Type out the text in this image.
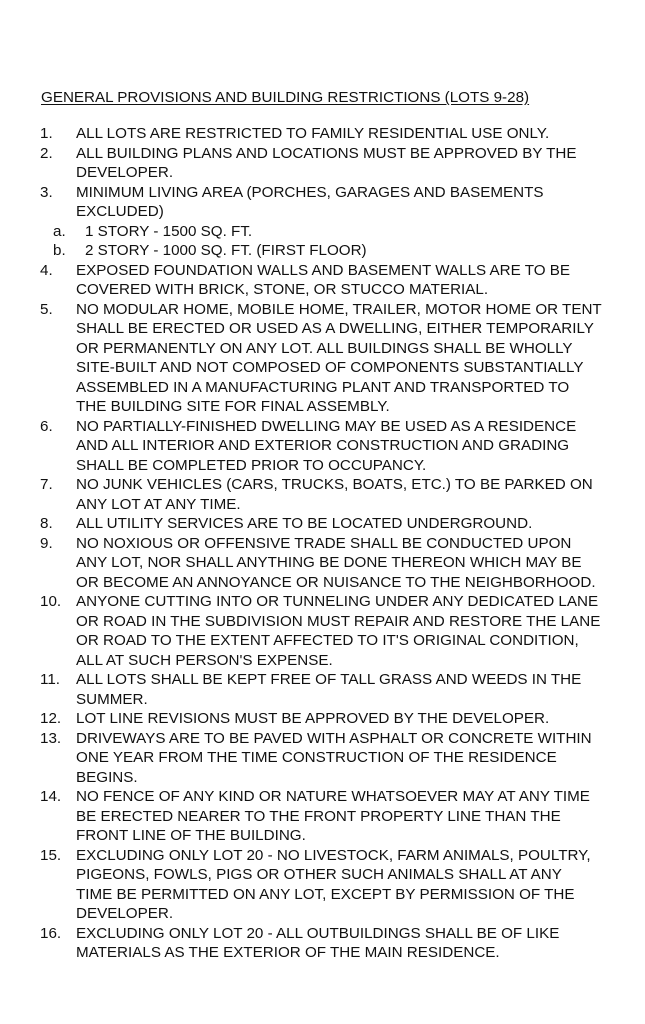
GENERAL PROVISIONS AND BUILDING RESTRICTIONS (LOTS 9-28)
1.	ALL LOTS ARE RESTRICTED TO FAMILY RESIDENTIAL USE ONLY.
2.	ALL BUILDING PLANS AND LOCATIONS MUST BE APPROVED BY THE
DEVELOPER.
3.	MINIMUM LIVING AREA (PORCHES, GARAGES AND BASEMENTS
EXCLUDED)
a.	1 STORY - 1500 SQ. FT.
b.	2 STORY - 1000 SQ. FT. (FIRST FLOOR)
4.	EXPOSED FOUNDATION WALLS AND BASEMENT WALLS ARE TO BE
COVERED WITH BRICK, STONE, OR STUCCO MATERIAL.
5.	NO MODULAR HOME, MOBILE HOME, TRAILER, MOTOR HOME OR TENT
SHALL BE ERECTED OR USED AS A DWELLING, EITHER TEMPORARILY
OR PERMANENTLY ON ANY LOT. ALL BUILDINGS SHALL BE WHOLLY
SITE-BUILT AND NOT COMPOSED OF COMPONENTS SUBSTANTIALLY
ASSEMBLED IN A MANUFACTURING PLANT AND TRANSPORTED TO
THE BUILDING SITE FOR FINAL ASSEMBLY.
6.	NO PARTIALLY-FINISHED DWELLING MAY BE USED AS A RESIDENCE
AND ALL INTERIOR AND EXTERIOR CONSTRUCTION AND GRADING
SHALL BE COMPLETED PRIOR TO OCCUPANCY.
7.	NO JUNK VEHICLES (CARS, TRUCKS, BOATS, ETC.) TO BE PARKED ON
ANY LOT AT ANY TIME.
8.	ALL UTILITY SERVICES ARE TO BE LOCATED UNDERGROUND.
9.	NO NOXIOUS OR OFFENSIVE TRADE SHALL BE CONDUCTED UPON
ANY LOT, NOR SHALL ANYTHING BE DONE THEREON WHICH MAY BE
OR BECOME AN ANNOYANCE OR NUISANCE TO THE NEIGHBORHOOD.
10. ANYONE CUTTING INTO OR TUNNELING UNDER ANY DEDICATED LANE
OR ROAD IN THE SUBDIVISION MUST REPAIR AND RESTORE THE LANE
OR ROAD TO THE EXTENT AFFECTED TO IT'S ORIGINAL CONDITION,
ALL AT SUCH PERSON'S EXPENSE.
11.	ALL LOTS SHALL BE KEPT FREE OF TALL GRASS AND WEEDS IN THE
SUMMER.
12. LOT LINE REVISIONS MUST BE APPROVED BY THE DEVELOPER.
13. DRIVEWAYS ARE TO BE PAVED WITH ASPHALT OR CONCRETE WITHIN
ONE YEAR FROM THE TIME CONSTRUCTION OF THE RESIDENCE
BEGINS.
14. NO FENCE OF ANY KIND OR NATURE WHATSOEVER MAY AT ANY TIME
BE ERECTED NEARER TO THE FRONT PROPERTY LINE THAN THE
FRONT LINE OF THE BUILDING.
15. EXCLUDING ONLY LOT 20 - NO LIVESTOCK, FARM ANIMALS, POULTRY,
PIGEONS, FOWLS, PIGS OR OTHER SUCH ANIMALS SHALL AT ANY
TIME BE PERMITTED ON ANY LOT, EXCEPT BY PERMISSION OF THE
DEVELOPER.
16. EXCLUDING ONLY LOT 20 - ALL OUTBUILDINGS SHALL BE OF LIKE
MATERIALS AS THE EXTERIOR OF THE MAIN RESIDENCE.
